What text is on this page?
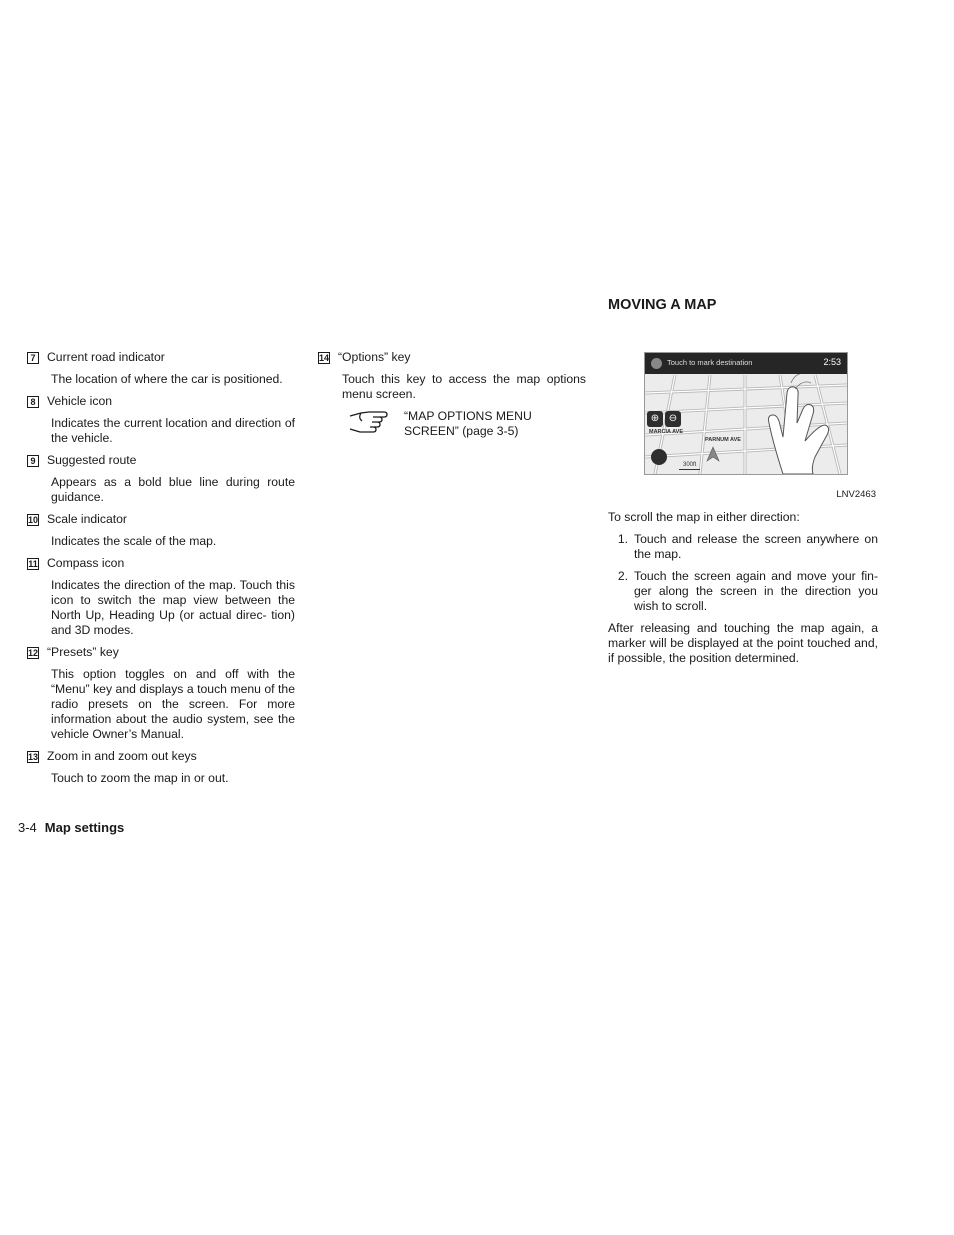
7 Current road indicator
The location of where the car is positioned.
8 Vehicle icon
Indicates the current location and direction of the vehicle.
9 Suggested route
Appears as a bold blue line during route guidance.
10 Scale indicator
Indicates the scale of the map.
11 Compass icon
Indicates the direction of the map. Touch this icon to switch the map view between the North Up, Heading Up (or actual direc- tion) and 3D modes.
12 “Presets” key
This option toggles on and off with the “Menu” key and displays a touch menu of the radio presets on the screen. For more information about the audio system, see the vehicle Owner’s Manual.
13 Zoom in and zoom out keys
Touch to zoom the map in or out.
14 “Options” key
Touch this key to access the map options menu screen.
“MAP OPTIONS MENU SCREEN” (page 3-5)
MOVING A MAP
Touch to mark destination	2:53
⊕ ⊖
MARCIA AVE
PARNUM AVE
300ft
LNV2463

To scroll the map in either direction:

1. Touch and release the screen anywhere on the map.
2. Touch the screen again and move your fin- ger along the screen in the direction you wish to scroll.

After releasing and touching the map again, a marker will be displayed at the point touched and, if possible, the position determined.

3-4 Map settings
